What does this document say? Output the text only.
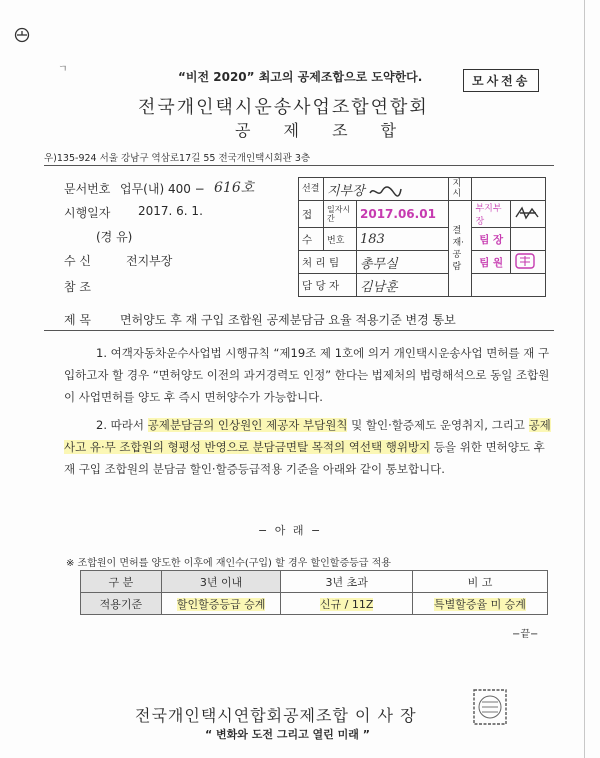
ㄱ
“비전 2020” 최고의 공제조합으로 도약한다.	모사전송
전국개인택시운송사업조합연합회
공 제 조 합
우)135-924 서울 강남구 역삼로17길 55 전국개인택시회관 3층
문서번호 업무(내) 400 − 616호
시행일자 2017. 6. 1.
(경 유)
수 신	전지부장
참 조
제 목 면허양도 후 재 구입 조합원 공제분담금 요율 적용기준 변경 통보
선결	지부장		지시		
접	일자시간	2017.06.01	결재·공람	부지부장	
수	번호	183		팀 장	
처 리 팀		총무실		팀 원	
담 당 자		김남훈			
1. 여객자동차운수사업법 시행규칙 “제19조 제 1호에 의거 개인택시운송사업 면허를 재 구입하고자 할 경우 “면허양도 이전의 과거경력도 인정” 한다는 법제처의 법령해석으로 동일 조합원이 사업면허를 양도 후 즉시 면허양수가 가능합니다.
2. 따라서 공제분담금의 인상원인 제공자 부담원칙 및 할인·할증제도 운영취지, 그리고 공제사고 유·무 조합원의 형평성 반영으로 분담금면탈 목적의 역선택 행위방지 등을 위한 면허양도 후 재 구입 조합원의 분담금 할인·할증등급적용 기준을 아래와 같이 통보합니다.
− 아 래 −
※ 조합원이 면허를 양도한 이후에 재인수(구입) 할 경우 할인할증등급 적용
구 분	3년 이내	3년 초과	비 고
적용기준	할인할증등급 승계	신규 / 11Z	특별할증율 미 승계
−끝−
전국개인택시연합회공제조합 이 사 장
“ 변화와 도전 그리고 열린 미래 ”
